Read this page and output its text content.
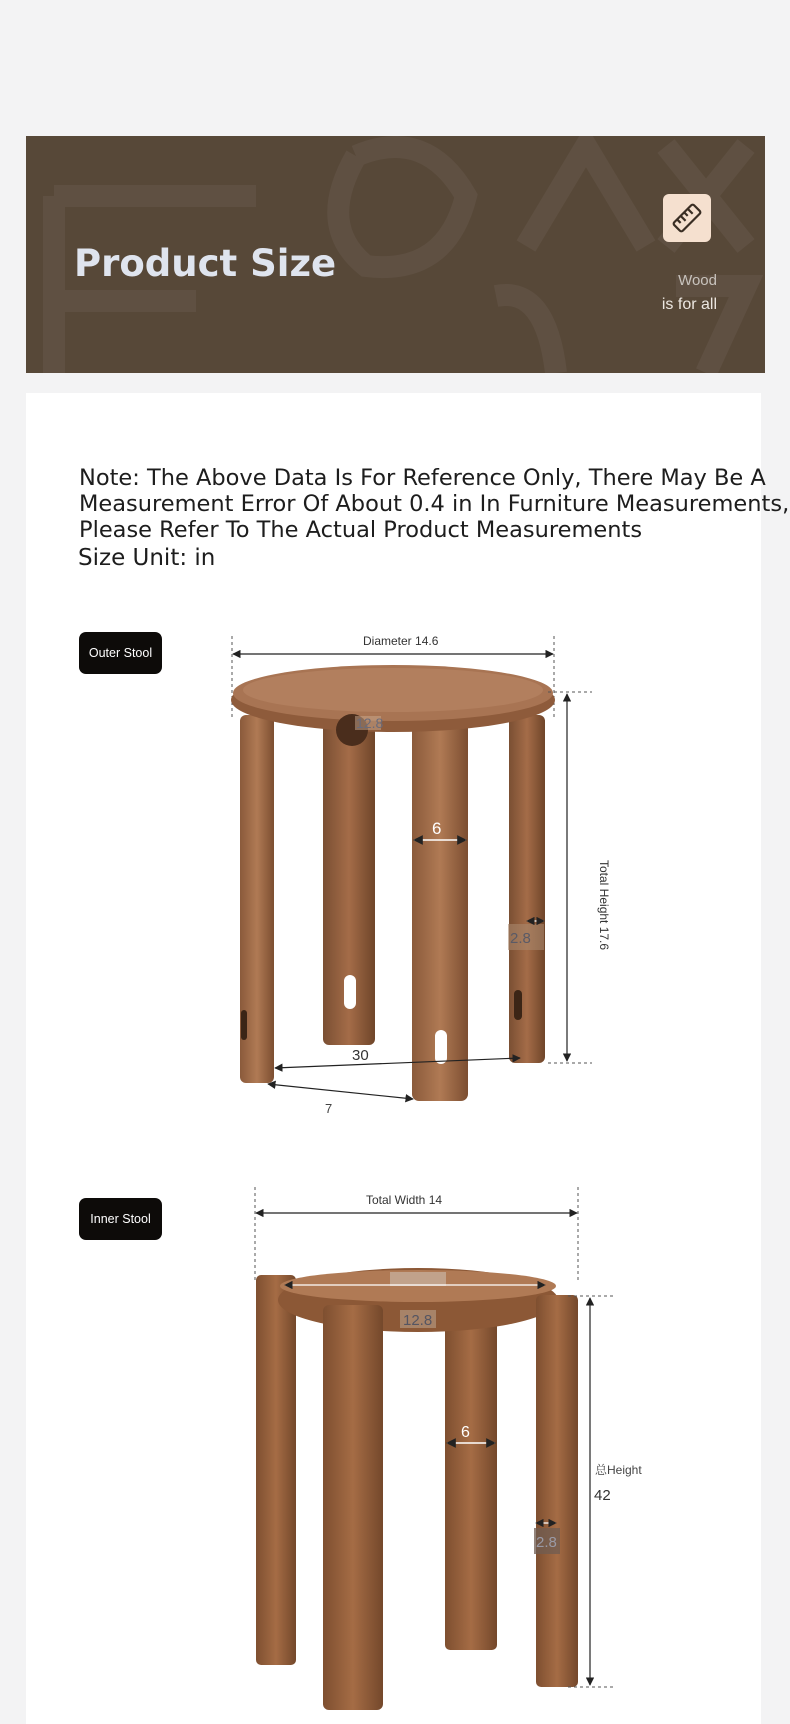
Product Size	Wood
is for all
Note: The Above Data Is For Reference Only, There May Be A Measurement Error Of About 0.4 in In Furniture Measurements, Please Refer To The Actual Product Measurements
Size Unit: in
Outer Stool
12.8
6
2.8
30
7
Diameter 14.6
Total Height 17.6
Inner Stool
12.8
6
2.8
Total Width 14
总Height
42
